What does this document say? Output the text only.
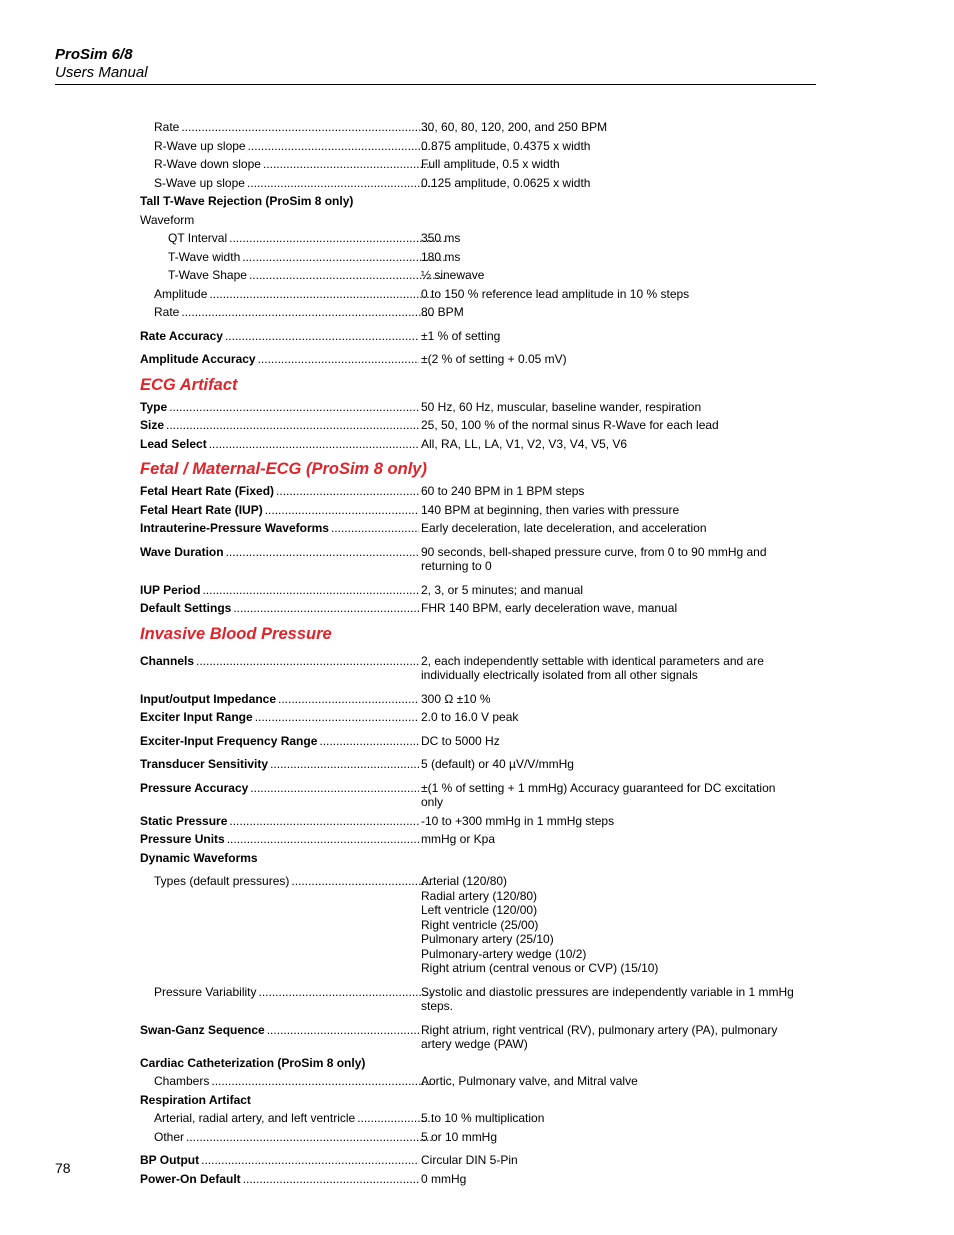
ProSim 6/8
Users Manual
Rate .....	30, 60, 80, 120, 200, and 250 BPM
R-Wave up slope .....	0.875 amplitude, 0.4375 x width
R-Wave down slope .....	Full amplitude, 0.5 x width
S-Wave up slope .....	0.125 amplitude, 0.0625 x width
Tall T-Wave Rejection (ProSim 8 only)
Waveform
QT Interval .....	350 ms
T-Wave width .....	180 ms
T-Wave Shape .....	½ sinewave
Amplitude .....	0 to 150 % reference lead amplitude in 10 % steps
Rate .....	80 BPM
Rate Accuracy .....	±1 % of setting
Amplitude Accuracy .....	±(2 % of setting + 0.05 mV)
ECG Artifact
Type .....	50 Hz, 60 Hz, muscular, baseline wander, respiration
Size .....	25, 50, 100 % of the normal sinus R-Wave for each lead
Lead Select .....	All, RA, LL, LA, V1, V2, V3, V4, V5, V6
Fetal / Maternal-ECG (ProSim 8 only)
Fetal Heart Rate (Fixed) .....	60 to 240 BPM in 1 BPM steps
Fetal Heart Rate (IUP) .....	140 BPM at beginning, then varies with pressure
Intrauterine-Pressure Waveforms .....	Early deceleration, late deceleration, and acceleration
Wave Duration .....	90 seconds, bell-shaped pressure curve, from 0 to 90 mmHg and
returning to 0
IUP Period .....	2, 3, or 5 minutes; and manual
Default Settings .....	FHR 140 BPM, early deceleration wave, manual
Invasive Blood Pressure
Channels .....	2, each independently settable with identical parameters and are
individually electrically isolated from all other signals
Input/output Impedance .....	300 Ω ±10 %
Exciter Input Range .....	2.0 to 16.0 V peak
Exciter-Input Frequency Range .....	DC to 5000 Hz
Transducer Sensitivity .....	5 (default) or 40 µV/V/mmHg
Pressure Accuracy .....	±(1 % of setting + 1 mmHg) Accuracy guaranteed for DC excitation
only
Static Pressure .....	-10 to +300 mmHg in 1 mmHg steps
Pressure Units .....	mmHg or Kpa
Dynamic Waveforms
Types (default pressures) .....	Arterial (120/80)
Radial artery (120/80)
Left ventricle (120/00)
Right ventricle (25/00)
Pulmonary artery (25/10)
Pulmonary-artery wedge (10/2)
Right atrium (central venous or CVP) (15/10)
Pressure Variability .....	Systolic and diastolic pressures are independently variable in 1 mmHg
steps.
Swan-Ganz Sequence .....	Right atrium, right ventrical (RV), pulmonary artery (PA), pulmonary
artery wedge (PAW)
Cardiac Catheterization (ProSim 8 only)
Chambers .....	Aortic, Pulmonary valve, and Mitral valve
Respiration Artifact
Arterial, radial artery, and left ventricle .....	5 to 10 % multiplication
Other .....	5 or 10 mmHg
BP Output .....	Circular DIN 5-Pin
Power-On Default .....	0 mmHg
78
